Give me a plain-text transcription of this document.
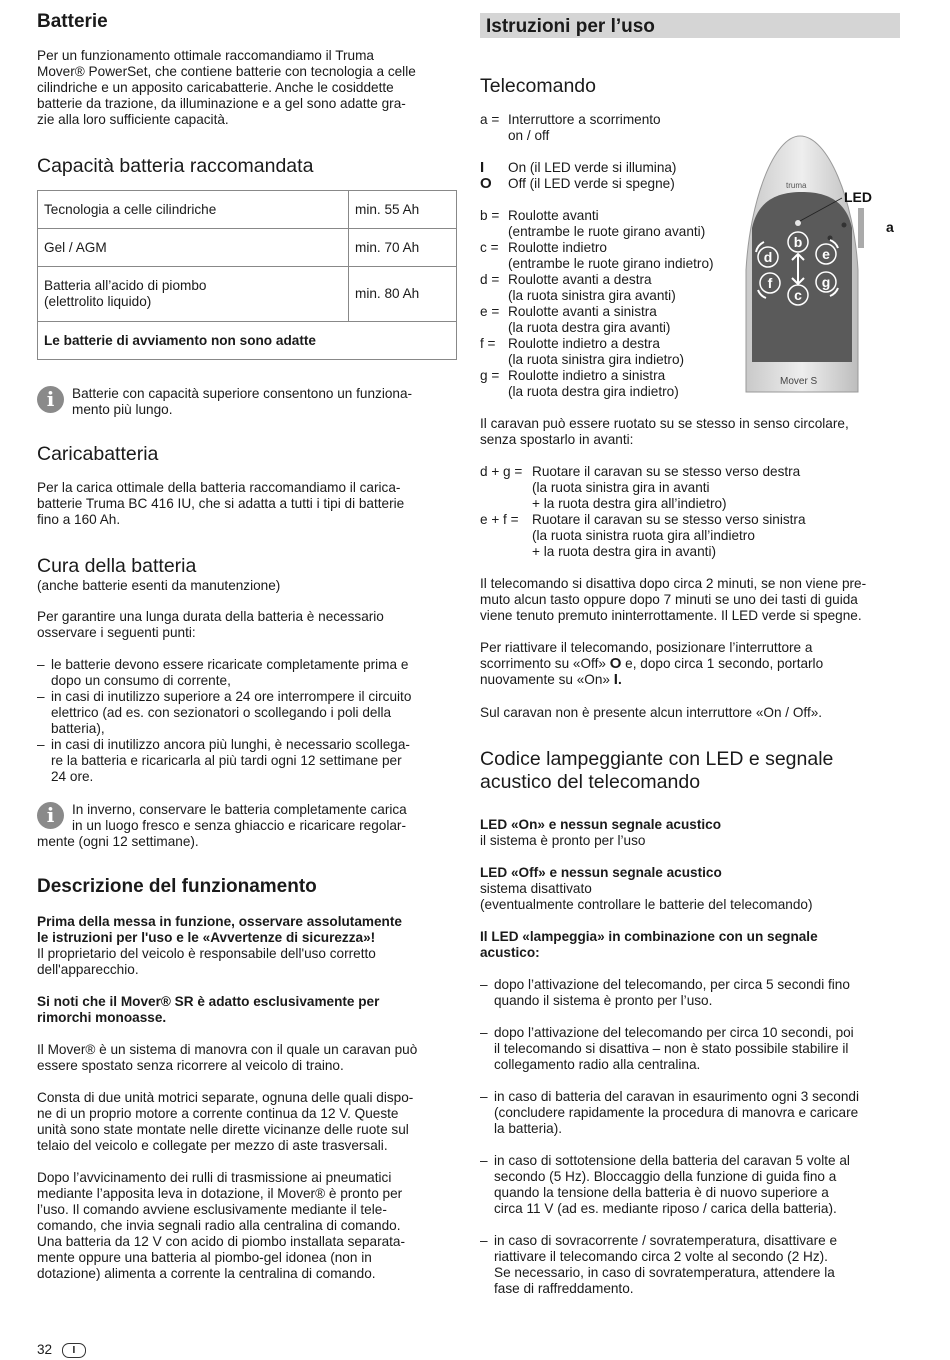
Batterie

Per un funzionamento ottimale raccomandiamo il Truma

Mover® PowerSet, che contiene batterie con tecnologia a celle

cilindriche e un apposito caricabatterie. Anche le cosiddette

batterie da trazione, da illuminazione e a gel sono adatte gra-

zie alla loro sufficiente capacità.

Capacità batteria raccomandata
Tecnologia a celle cilindriche	min. 55 Ah
Gel / AGM	min. 70 Ah

Batteria all’acido di piombo
(elettrolito liquido)	min. 80 Ah
Le batterie di avviamento non sono adatte	
i	Batterie con capacità superiore consentono un funziona-

mento più lungo.

Caricabatteria

Per la carica ottimale della batteria raccomandiamo il carica-

batterie Truma BC 416 IU, che si adatta a tutti i tipi di batterie

fino a 160 Ah.

Cura della batteria

(anche batterie esenti da manutenzione)

Per garantire una lunga durata della batteria è necessario

osservare i seguenti punti:

– le batterie devono essere ricaricate completamente prima e

dopo un consumo di corrente,

– in casi di inutilizzo superiore a 24 ore interrompere il circuito

elettrico (ad es. con sezionatori o scollegando i poli della

batteria),

– in casi di inutilizzo ancora più lunghi, è necessario scollega-

re la batteria e ricaricarla al più tardi ogni 12 settimane per

24 ore.

i	In inverno, conservare le batteria completamente carica

in un luogo fresco e senza ghiaccio e ricaricare regolar-

mente (ogni 12 settimane).

Descrizione del funzionamento

Prima della messa in funzione, osservare assolutamente

le istruzioni per l'uso e le «Avvertenze di sicurezza»!

Il proprietario del veicolo è responsabile dell'uso corretto

dell'apparecchio.

Si noti che il Mover® SR è adatto esclusivamente per

rimorchi monoasse.

Il Mover® è un sistema di manovra con il quale un caravan può

essere spostato senza ricorrere al veicolo di traino.

Consta di due unità motrici separate, ognuna delle quali dispo-

ne di un proprio motore a corrente continua da 12 V. Queste

unità sono state montate nelle dirette vicinanze delle ruote sul

telaio del veicolo e collegate per mezzo di aste trasversali.

Dopo l’avvicinamento dei rulli di trasmissione ai pneumatici

mediante l’apposita leva in dotazione, il Mover® è pronto per

l’uso. Il comando avviene esclusivamente mediante il tele-

comando, che invia segnali radio alla centralina di comando.

Una batteria da 12 V con acido di piombo installata separata-

mente oppure una batteria al piombo-gel idonea (non in

dotazione) alimenta a corrente la centralina di comando.

Istruzioni per l’uso
Telecomando

a = Interruttore a scorrimento

on / off

I On (il LED verde si illumina)

O Off (il LED verde si spegne)

b = Roulotte avanti

(entrambe le ruote girano avanti)

c = Roulotte indietro

(entrambe le ruote girano indietro)

d = Roulotte avanti a destra

(la ruota sinistra gira avanti)

e = Roulotte avanti a sinistra

(la ruota destra gira avanti)

f = Roulotte indietro a destra

(la ruota sinistra gira indietro)

g = Roulotte indietro a sinistra

(la ruota destra gira indietro)

truma
Mover S
b
c
d	e
f	g
LED
a

Il caravan può essere ruotato su se stesso in senso circolare,

senza spostarlo in avanti:

d + g = Ruotare il caravan su se stesso verso destra

(la ruota sinistra gira in avanti

+ la ruota destra gira all’indietro)

e + f = Ruotare il caravan su se stesso verso sinistra

(la ruota sinistra ruota gira all’indietro

+ la ruota destra gira in avanti)

Il telecomando si disattiva dopo circa 2 minuti, se non viene pre-

muto alcun tasto oppure dopo 7 minuti se uno dei tasti di guida

viene tenuto premuto ininterrottamente. Il LED verde si spegne.

Per riattivare il telecomando, posizionare l’interruttore a

scorrimento su «Off» O e, dopo circa 1 secondo, portarlo

nuovamente su «On» I.

Sul caravan non è presente alcun interruttore «On / Off».

Codice lampeggiante con LED e segnale
acustico del telecomando

LED «On» e nessun segnale acustico

il sistema è pronto per l’uso

LED «Off» e nessun segnale acustico

sistema disattivato

(eventualmente controllare le batterie del telecomando)

Il LED «lampeggia» in combinazione con un segnale

acustico:

– dopo l’attivazione del telecomando, per circa 5 secondi fino

quando il sistema è pronto per l’uso.

– dopo l’attivazione del telecomando per circa 10 secondi, poi

il telecomando si disattiva – non è stato possibile stabilire il

collegamento radio alla centralina.

– in caso di batteria del caravan in esaurimento ogni 3 secondi

(concludere rapidamente la procedura di manovra e caricare

la batteria).

– in caso di sottotensione della batteria del caravan 5 volte al

secondo (5 Hz). Bloccaggio della funzione di guida fino a

quando la tensione della batteria è di nuovo superiore a

circa 11 V (ad es. mediante riposo / carica della batteria).

– in caso di sovracorrente / sovratemperatura, disattivare e

riattivare il telecomando circa 2 volte al secondo (2 Hz).

Se necessario, in caso di sovratemperatura, attendere la

fase di raffreddamento.

32 I
